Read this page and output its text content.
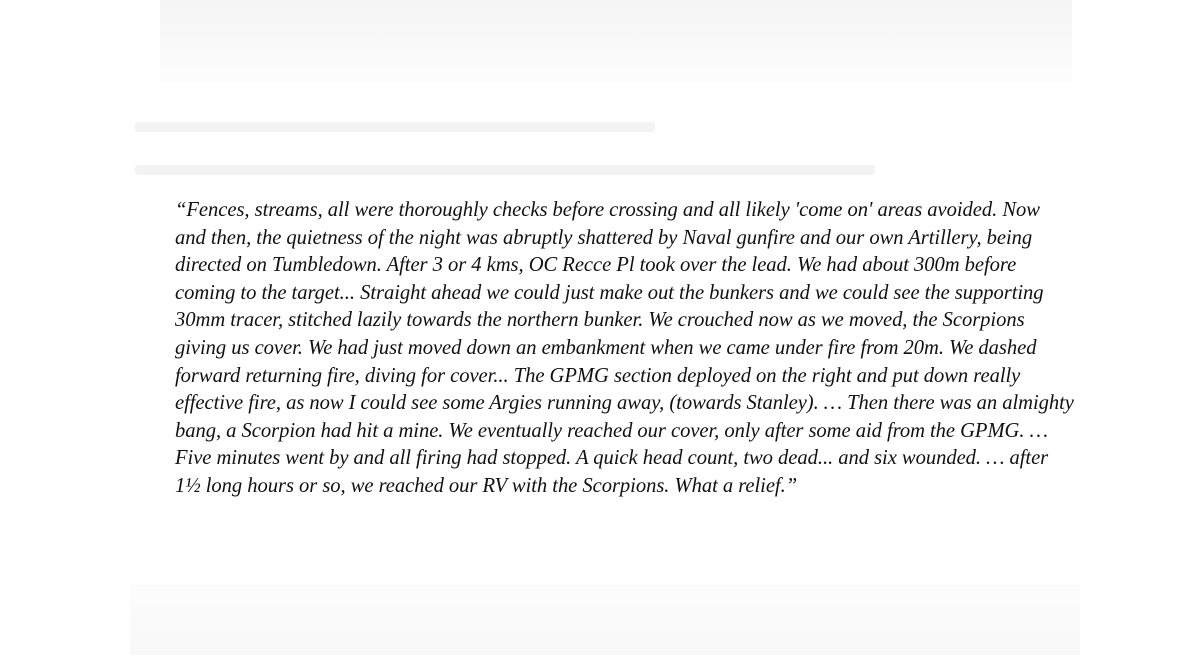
“Fences, streams, all were thoroughly checks before crossing and all likely 'come on' areas avoided. Now and then, the quietness of the night was abruptly shattered by Naval gunfire and our own Artillery, being directed on Tumbledown. After 3 or 4 kms, OC Recce Pl took over the lead. We had about 300m before coming to the target... Straight ahead we could just make out the bunkers and we could see the supporting 30mm tracer, stitched lazily towards the northern bunker. We crouched now as we moved, the Scorpions giving us cover. We had just moved down an embankment when we came under fire from 20m. We dashed forward returning fire, diving for cover... The GPMG section deployed on the right and put down really effective fire, as now I could see some Argies running away, (towards Stanley). … Then there was an almighty bang, a Scorpion had hit a mine. We eventually reached our cover, only after some aid from the GPMG. … Five minutes went by and all firing had stopped. A quick head count, two dead... and six wounded. … after 1½ long hours or so, we reached our RV with the Scorpions. What a relief.”
